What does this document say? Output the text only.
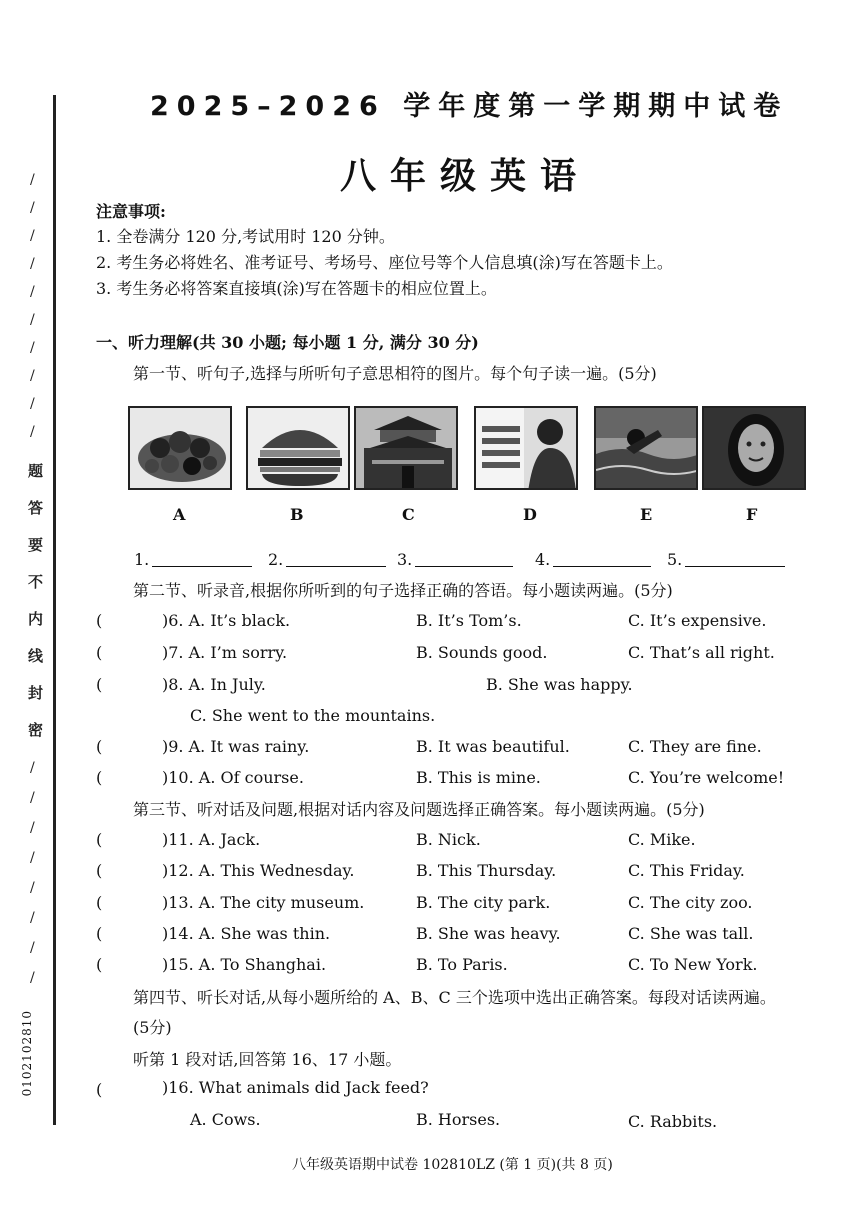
/
/
/
/
/
/
/
/
/
/
/
/
/
/
/
/
/
/
题
答
要
不
内
线
封
密
0102102810
2025–2026 学年度第一学期期中试卷
八年级英语
注意事项:
1. 全卷满分 120 分,考试用时 120 分钟。
2. 考生务必将姓名、准考证号、考场号、座位号等个人信息填(涂)写在答题卡上。
3. 考生务必将答案直接填(涂)写在答题卡的相应位置上。
一、听力理解(共 30 小题; 每小题 1 分, 满分 30 分)
第一节、听句子,选择与所听句子意思相符的图片。每个句子读一遍。(5分)
A	B	C	D	E	F
1.	2.	3.	4.	5.
第二节、听录音,根据你所听到的句子选择正确的答语。每小题读两遍。(5分)
(	)6. A. It’s black.	B. It’s Tom’s.	C. It’s expensive.
(	)7. A. I’m sorry.	B. Sounds good.	C. That’s all right.
(	)8. A. In July.	B. She was happy.
C. She went to the mountains.
(	)9. A. It was rainy.	B. It was beautiful.	C. They are fine.
(	)10. A. Of course.	B. This is mine.	C. You’re welcome!
第三节、听对话及问题,根据对话内容及问题选择正确答案。每小题读两遍。(5分)
(	)11. A. Jack.	B. Nick.	C. Mike.
(	)12. A. This Wednesday.	B. This Thursday.	C. This Friday.
(	)13. A. The city museum.	B. The city park.	C. The city zoo.
(	)14. A. She was thin.	B. She was heavy.	C. She was tall.
(	)15. A. To Shanghai.	B. To Paris.	C. To New York.
第四节、听长对话,从每小题所给的 A、B、C 三个选项中选出正确答案。每段对话读两遍。
(5分)
听第 1 段对话,回答第 16、17 小题。
(	)16. What animals did Jack feed?
A. Cows.	B. Horses.	C. Rabbits.
八年级英语期中试卷 102810LZ (第 1 页)(共 8 页)
